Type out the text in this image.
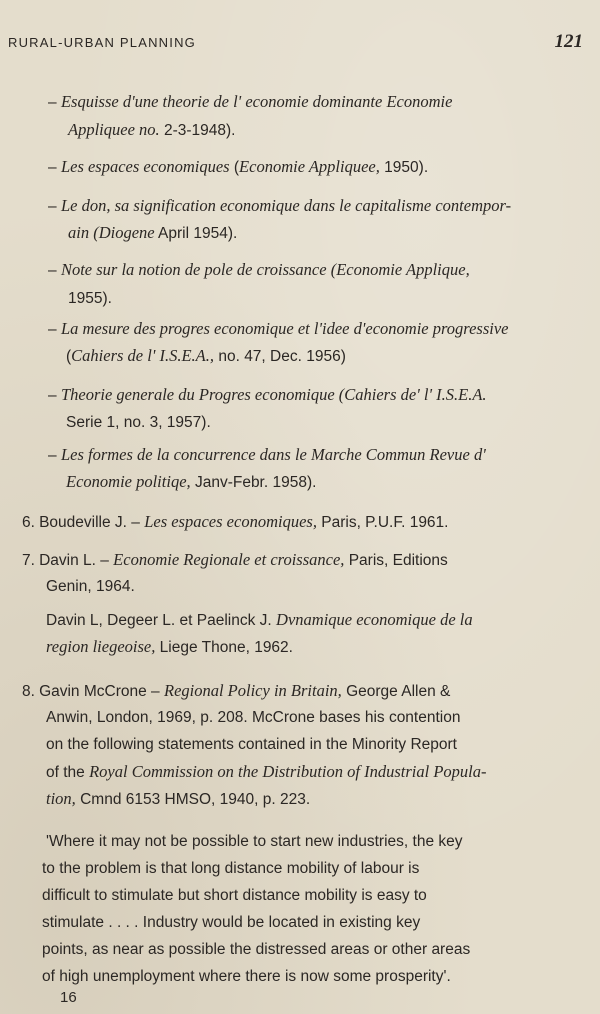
RURAL-URBAN PLANNING	121
– Esquisse d'une theorie de l' economie dominante Economie
Appliquee no. 2-3-1948).
– Les espaces economiques (Economie Appliquee, 1950).
– Le don, sa signification economique dans le capitalisme contempor-
ain (Diogene April 1954).
– Note sur la notion de pole de croissance (Economie Applique,
1955).
– La mesure des progres economique et l'idee d'economie progressive
(Cahiers de l' I.S.E.A., no. 47, Dec. 1956)
– Theorie generale du Progres economique (Cahiers de' l' I.S.E.A.
Serie 1, no. 3, 1957).
– Les formes de la concurrence dans le Marche Commun Revue d'
Economie politiqe, Janv-Febr. 1958).
6. Boudeville J. – Les espaces economiques, Paris, P.U.F. 1961.
7. Davin L. – Economie Regionale et croissance, Paris, Editions
Genin, 1964.
Davin L, Degeer L. et Paelinck J. Dvnamique economique de la
region liegeoise, Liege Thone, 1962.
8. Gavin McCrone – Regional Policy in Britain, George Allen &
Anwin, London, 1969, p. 208. McCrone bases his contention
on the following statements contained in the Minority Report
of the Royal Commission on the Distribution of Industrial Popula-
tion, Cmnd 6153 HMSO, 1940, p. 223.
'Where it may not be possible to start new industries, the key
to the problem is that long distance mobility of labour is
difficult to stimulate but short distance mobility is easy to
stimulate . . . . Industry would be located in existing key
points, as near as possible the distressed areas or other areas
of high unemployment where there is now some prosperity'.
16
